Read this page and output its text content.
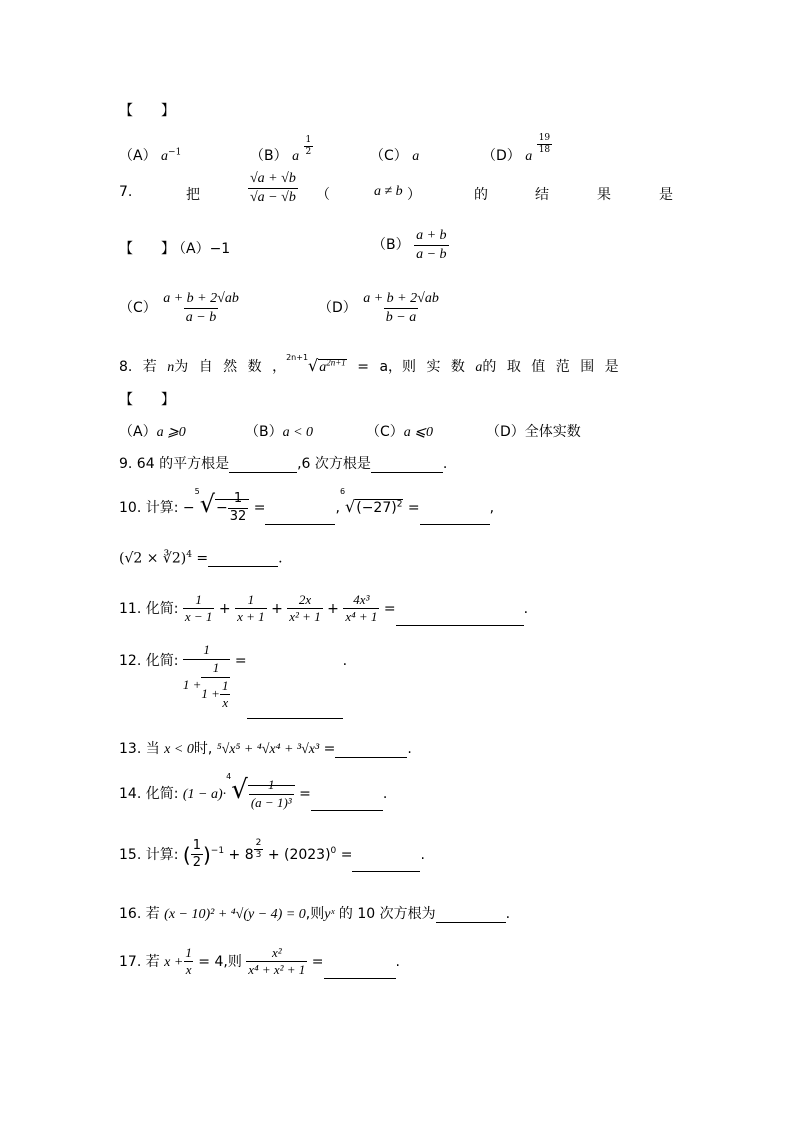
【　　】
（A） $a^{-1}$	（B） a $\frac{1}{2}$	（C） a	（D） a $\frac{19}{18}$
7.	把	$\frac{√a + √b}{√a - √b}$ （	a ≠ b ）	的	结	果	是
【　　】
（A）−1	$(B) \frac{a + b}{a - b}$
$(C) \frac{a + b + 2√ab}{a - b}$	$(D) \frac{a + b + 2√ab}{b - a}$
8. 若 n为 自 然 数 ，$^{2n+1}√a^{2n+1} = a$，则 实 数 a的 取 值 范 围 是
【　　】
（A）a ⩾0	（B）a < 0	（C）a ⩽0	（D）全体实数
9. 64 的平方根是	,6 次方根是	.
10. 计算: $-^5√- \frac{1}{32}$ =	$,^6√(-27)^2$ =	,
(√2 × ∛2)$^4$ =	.
11. 化简: $\frac{1}{x - 1} + \frac{1}{x + 1} + \frac{2x}{\text{x² + 1}} + \frac{\text{4x³}}{\text{x⁴ + 1}}$ =	.
12. 化简: $\frac{1}{1 + \frac{1}{1 + \frac{1}{x}}}$ =	.
13. 当 x < 0时, ⁵√x⁵ + ⁴√x⁴ + ³√x³ =	.
14. 化简: $(1 - a)\cdot^4√ \frac{1}{\text{(a − 1)³}}$ =	.
15. 计算: ( $\frac{1}{2} )^{-1} + 8 \frac{2}{3} + (2023)^0$ =	.
16. 若 (x − 10)² + ⁴√(y − 4) = 0,则yˣ 的 10 次方根为	.
17. 若 $x + \frac{1}{x} = 4$,则 $\frac{\text{x²}}{\text{x⁴ + x² + 1}}$ =	.
